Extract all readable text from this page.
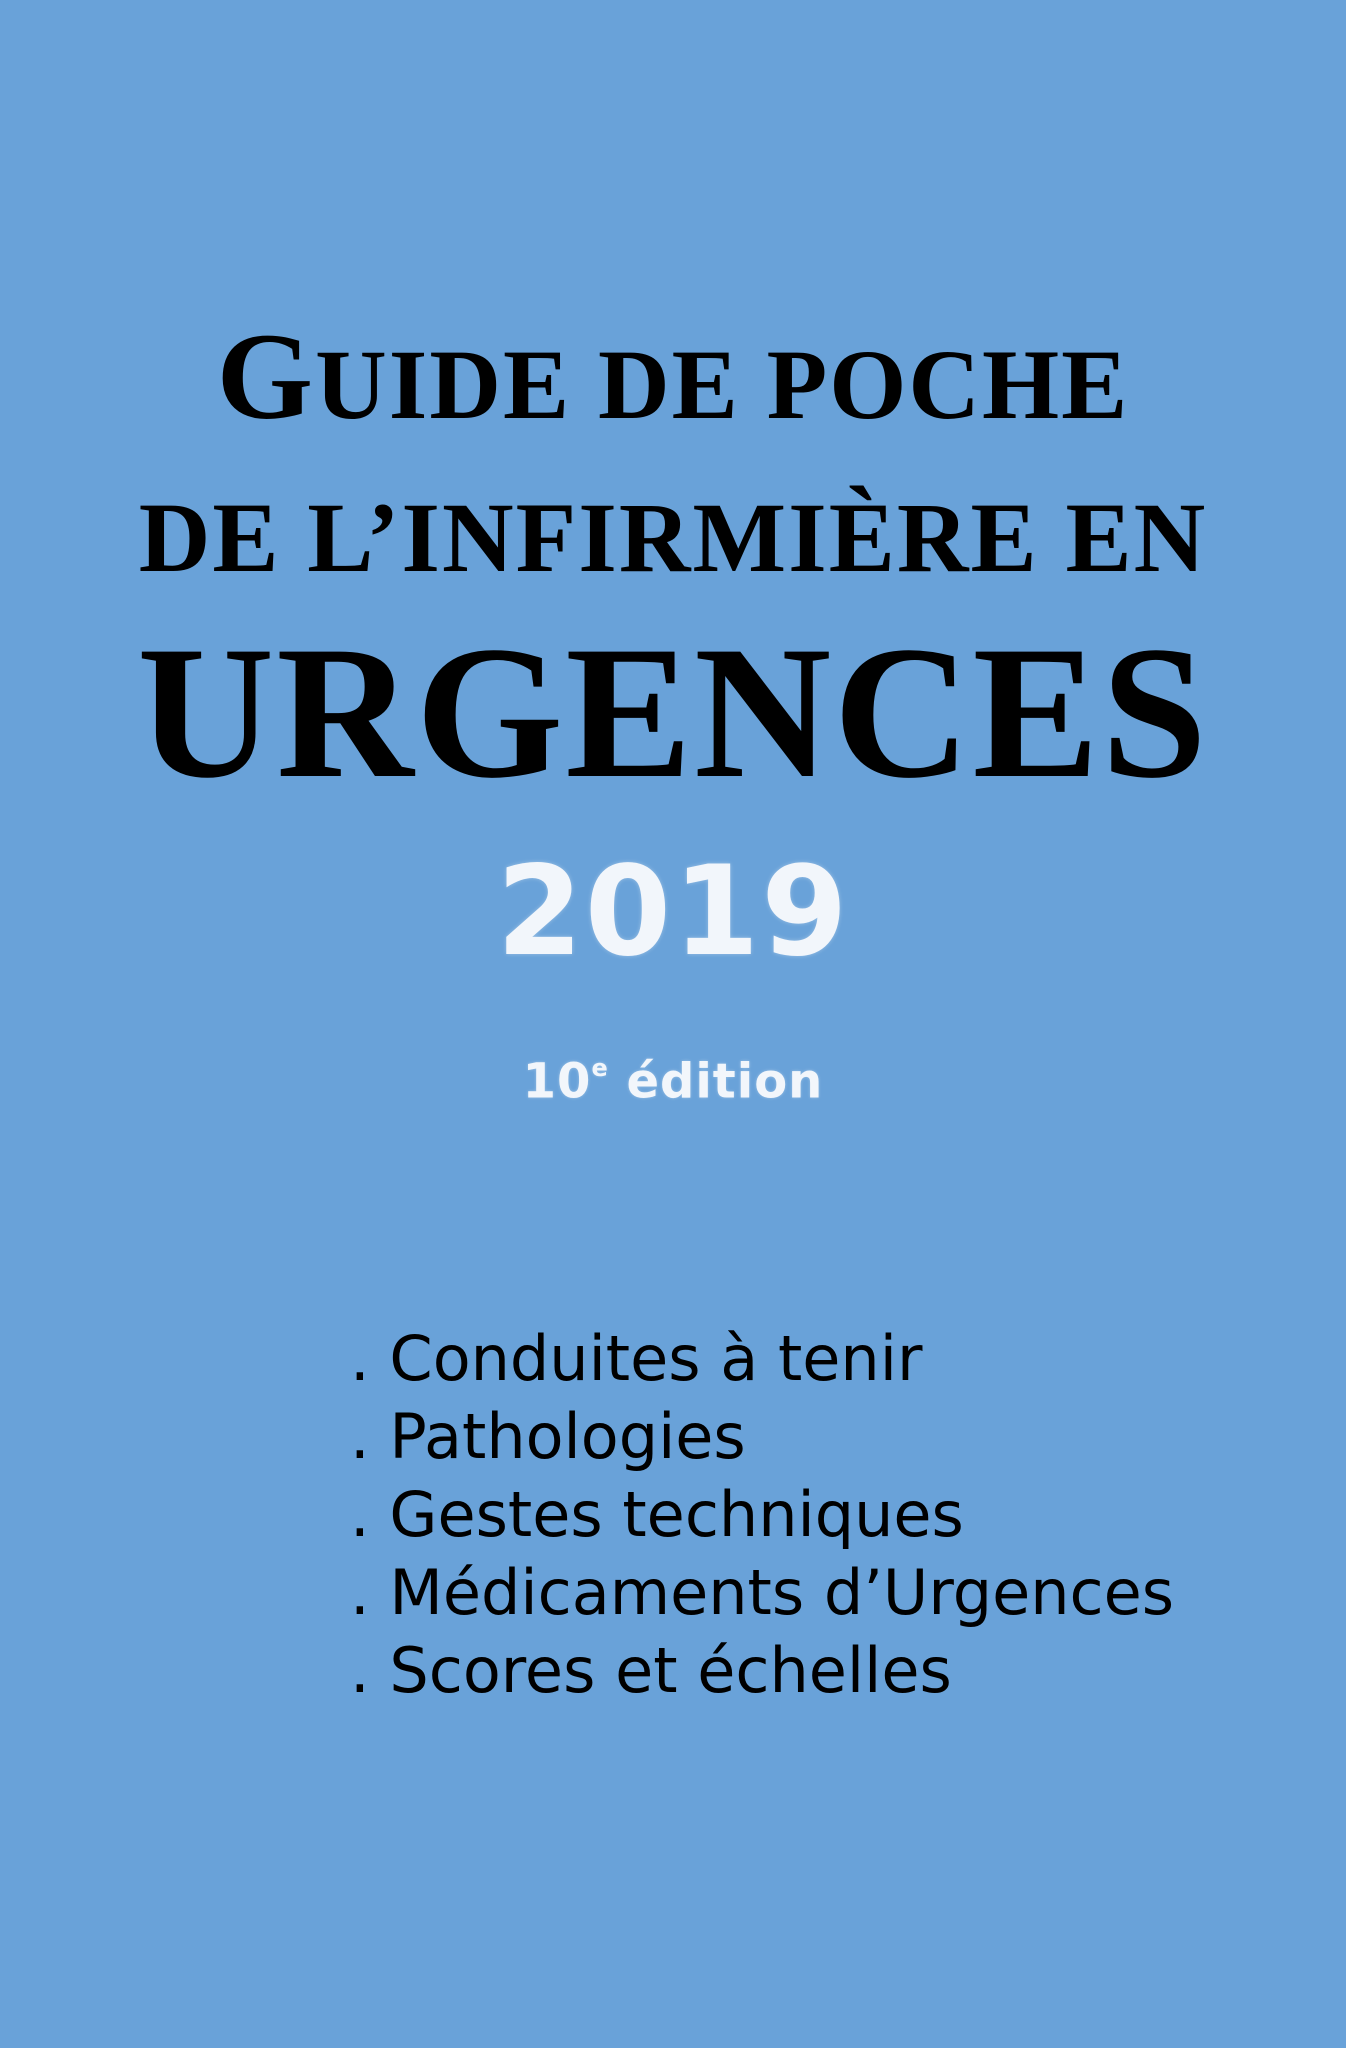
GUIDE DE POCHE
DE L’INFIRMIÈRE EN
URGENCES
2019
10e édition
. Conduites à tenir
. Pathologies
. Gestes techniques
. Médicaments d’Urgences
. Scores et échelles
